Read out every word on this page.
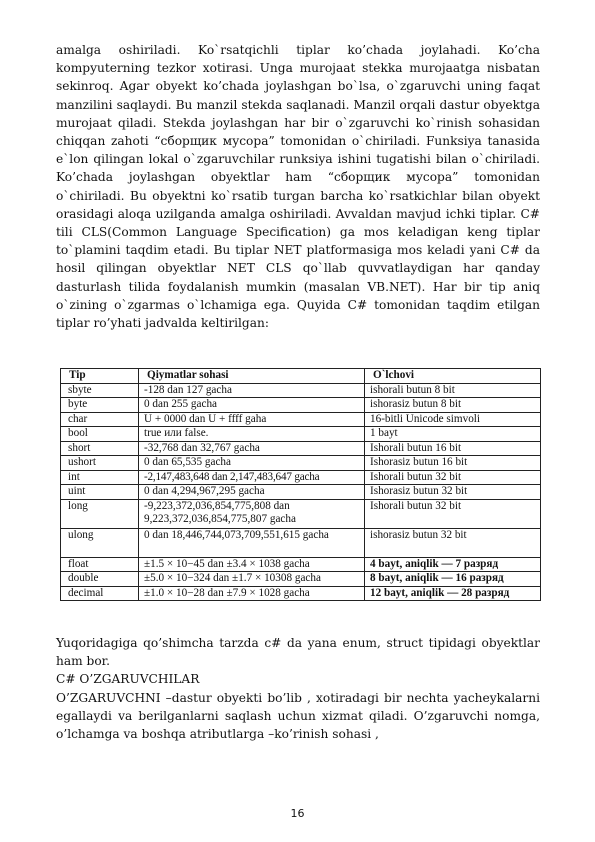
amalga oshiriladi. Ko`rsatqichli tiplar ko’chada joylahadi. Ko’cha kompyuterning tezkor xotirasi. Unga murojaat stekka murojaatga nisbatan sekinroq. Agar obyekt ko’chada joylashgan bo`lsa, o`zgaruvchi uning faqat manzilini saqlaydi. Bu manzil stekda saqlanadi. Manzil orqali dastur obyektga murojaat qiladi. Stekda joylashgan har bir o`zgaruvchi ko`rinish sohasidan chiqqan zahoti “сборщик мусора” tomonidan o`chiriladi. Funksiya tanasida e`lon qilingan lokal o`zgaruvchilar runksiya ishini tugatishi bilan o`chiriladi. Ko’chada joylashgan obyektlar ham “сборщик мусора” tomonidan o`chiriladi. Bu obyektni ko`rsatib turgan barcha ko`rsatkichlar bilan obyekt orasidagi aloqa uzilganda amalga oshiriladi. Avvaldan mavjud ichki tiplar. C# tili CLS(Common Language Specification) ga mos keladigan keng tiplar to`plamini taqdim etadi. Bu tiplar NET platformasiga mos keladi yani C# da hosil qilingan obyektlar NET CLS qo`llab quvvatlaydigan har qanday dasturlash tilida foydalanish mumkin (masalan VB.NET). Har bir tip aniq o`zining o`zgarmas o`lchamiga ega. Quyida C# tomonidan taqdim etilgan tiplar ro’yhati jadvalda keltirilgan:

Tip	Qiymatlar sohasi	O`lchovi
sbyte	-128 dan 127 gacha	ishorali butun 8 bit
byte	0 dan 255 gacha	ishorasiz butun 8 bit
char	U + 0000 dan U + ffff gaha	16-bitli Unicode simvoli
bool	true или false.	1 bayt
short	-32,768 dan 32,767 gacha	Ishorali butun 16 bit
ushort	0 dan 65,535 gacha	Ishorasiz butun 16 bit
int	-2,147,483,648 dan 2,147,483,647 gacha	Ishorali butun 32 bit
uint	0 dan 4,294,967,295 gacha	Ishorasiz butun 32 bit
long	-9,223,372,036,854,775,808 dan 9,223,372,036,854,775,807 gacha	Ishorali butun 32 bit
ulong	0 dan 18,446,744,073,709,551,615 gacha	ishorasiz butun 32 bit
float	±1.5 × 10−45 dan ±3.4 × 1038 gacha	4 bayt, aniqlik — 7 разряд
double	±5.0 × 10−324 dan ±1.7 × 10308 gacha	8 bayt, aniqlik — 16 разряд
decimal	±1.0 × 10−28 dan ±7.9 × 1028 gacha	12 bayt, aniqlik — 28 разряд

Yuqoridagiga qo’shimcha tarzda c# da yana enum, struct tipidagi obyektlar ham bor.

C# O’ZGARUVCHILAR

O’ZGARUVCHNI –dastur obyekti bo’lib , xotiradagi bir nechta yacheykalarni egallaydi va berilganlarni saqlash uchun xizmat qiladi. O’zgaruvchi nomga, o’lchamga va boshqa atributlarga –ko’rinish sohasi ,

16
